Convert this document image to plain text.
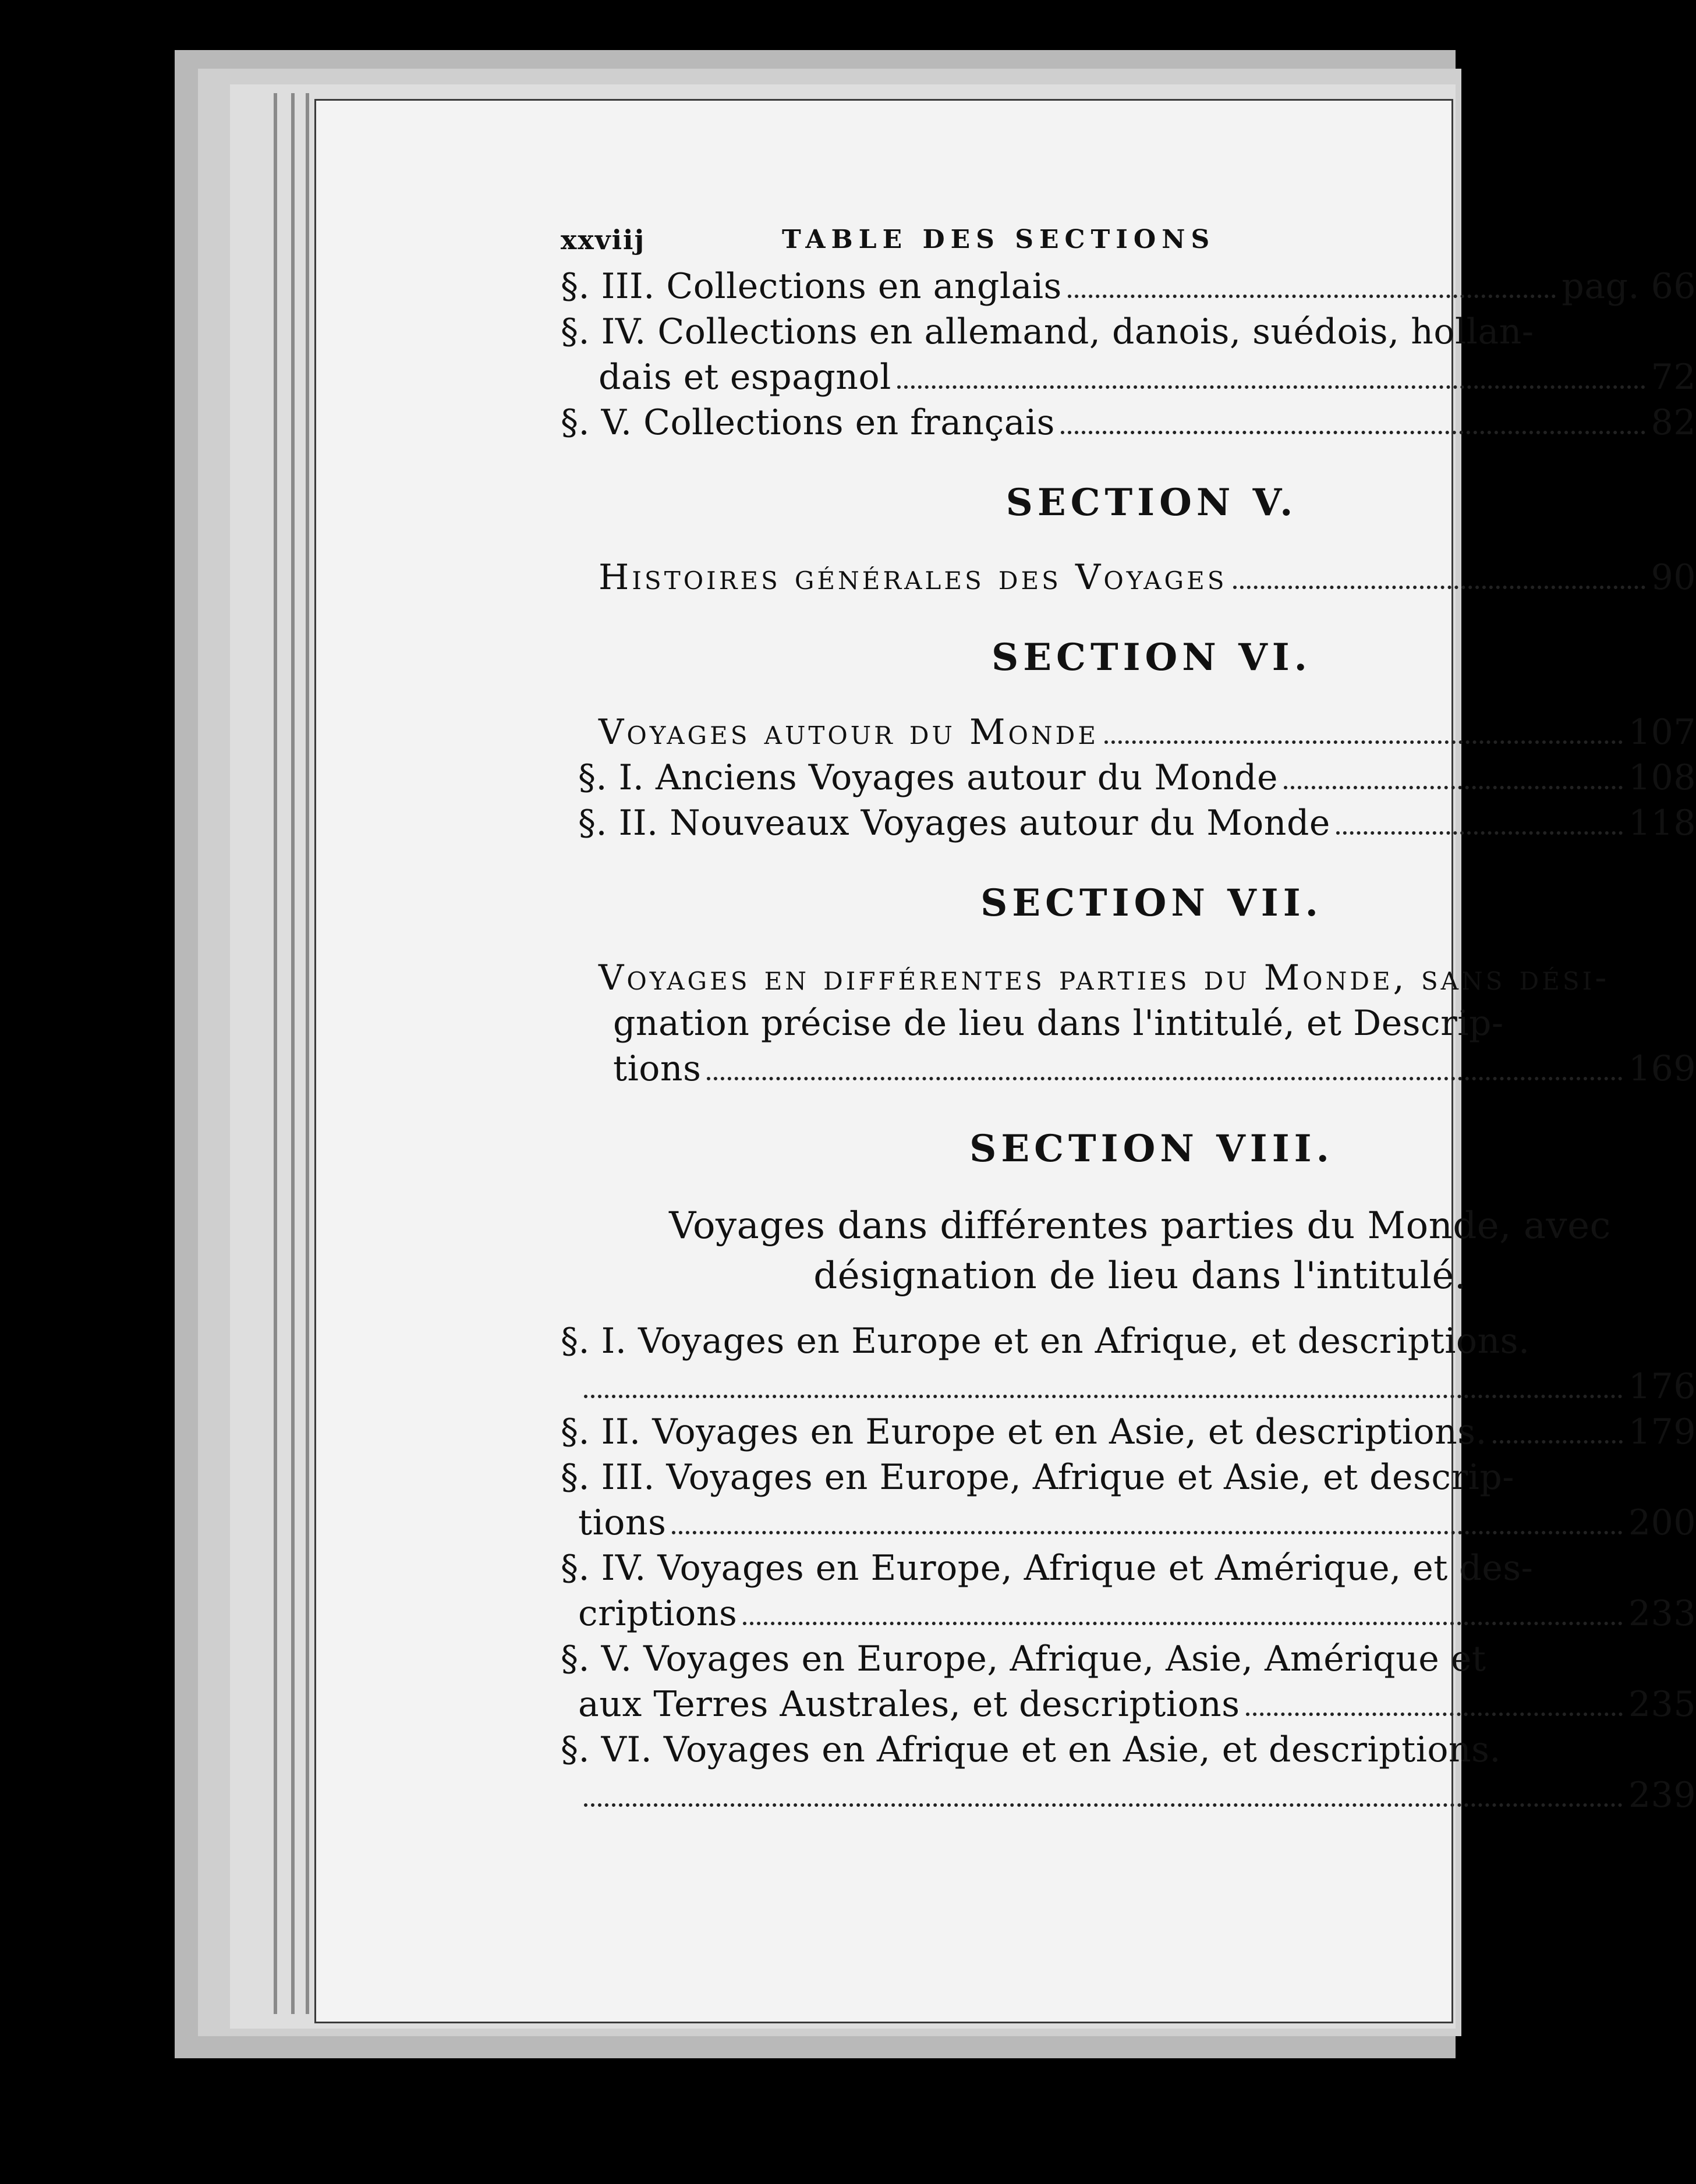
xxviij	TABLE DES SECTIONS
§. III. Collections en anglais	pag. 66
§. IV. Collections en allemand, danois, suédois, hollan-
dais et espagnol	72
§. V. Collections en français	82
SECTION V.
Histoires générales des Voyages	90
SECTION VI.
Voyages autour du Monde	107
§. I. Anciens Voyages autour du Monde	108
§. II. Nouveaux Voyages autour du Monde	118
SECTION VII.
Voyages en différentes parties du Monde, sans dési-
gnation précise de lieu dans l'intitulé, et Descrip-
tions	169
SECTION VIII.
Voyages dans différentes parties du Monde, avec
désignation de lieu dans l'intitulé.
§. I. Voyages en Europe et en Afrique, et descriptions.
176
§. II. Voyages en Europe et en Asie, et descriptions.	179
§. III. Voyages en Europe, Afrique et Asie, et descrip-
tions	200
§. IV. Voyages en Europe, Afrique et Amérique, et des-
criptions	233
§. V. Voyages en Europe, Afrique, Asie, Amérique et
aux Terres Australes, et descriptions	235
§. VI. Voyages en Afrique et en Asie, et descriptions.
239
